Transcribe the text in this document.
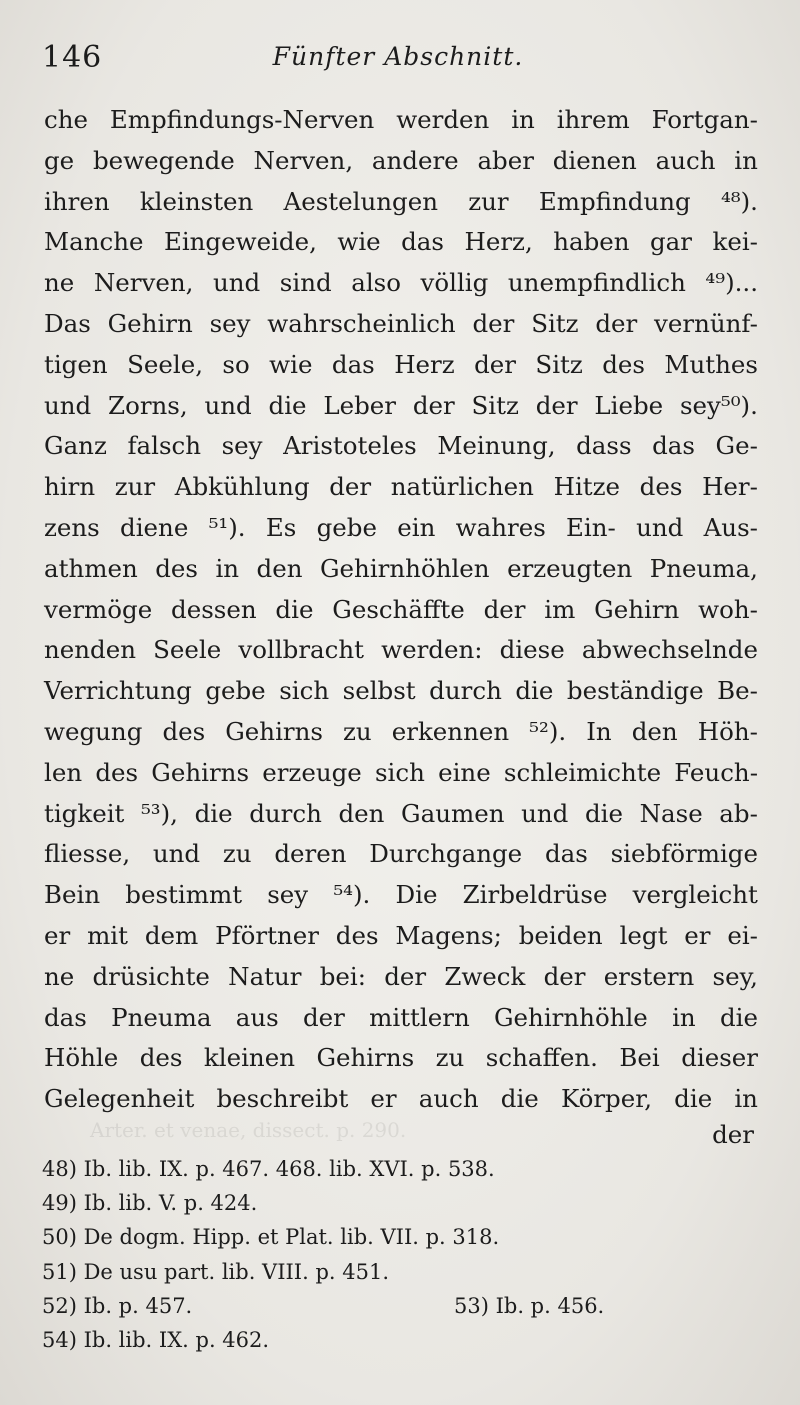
Arter. et venae, dissect. p. 290.
146	Fünfter Abschnitt.
che Empfindungs-Nerven werden in ihrem Fortgan-
ge bewegende Nerven, andere aber dienen auch in
ihren kleinsten Aestelungen zur Empfindung ⁴⁸).
Manche Eingeweide, wie das Herz, haben gar kei-
ne Nerven, und sind also völlig unempfindlich ⁴⁹)...
Das Gehirn sey wahrscheinlich der Sitz der vernünf-
tigen Seele, so wie das Herz der Sitz des Muthes
und Zorns, und die Leber der Sitz der Liebe sey⁵⁰).
Ganz falsch sey Aristoteles Meinung, dass das Ge-
hirn zur Abkühlung der natürlichen Hitze des Her-
zens diene ⁵¹). Es gebe ein wahres Ein- und Aus-
athmen des in den Gehirnhöhlen erzeugten Pneuma,
vermöge dessen die Geschäffte der im Gehirn woh-
nenden Seele vollbracht werden: diese abwechselnde
Verrichtung gebe sich selbst durch die beständige Be-
wegung des Gehirns zu erkennen ⁵²). In den Höh-
len des Gehirns erzeuge sich eine schleimichte Feuch-
tigkeit ⁵³), die durch den Gaumen und die Nase ab-
fliesse, und zu deren Durchgange das siebförmige
Bein bestimmt sey ⁵⁴). Die Zirbeldrüse vergleicht
er mit dem Pförtner des Magens; beiden legt er ei-
ne drüsichte Natur bei: der Zweck der erstern sey,
das Pneuma aus der mittlern Gehirnhöhle in die
Höhle des kleinen Gehirns zu schaffen. Bei dieser
Gelegenheit beschreibt er auch die Körper, die in
der
48) Ib. lib. IX. p. 467. 468. lib. XVI. p. 538.
49) Ib. lib. V. p. 424.
50) De dogm. Hipp. et Plat. lib. VII. p. 318.
51) De usu part. lib. VIII. p. 451.
52) Ib. p. 457.	53) Ib. p. 456.
54) Ib. lib. IX. p. 462.
